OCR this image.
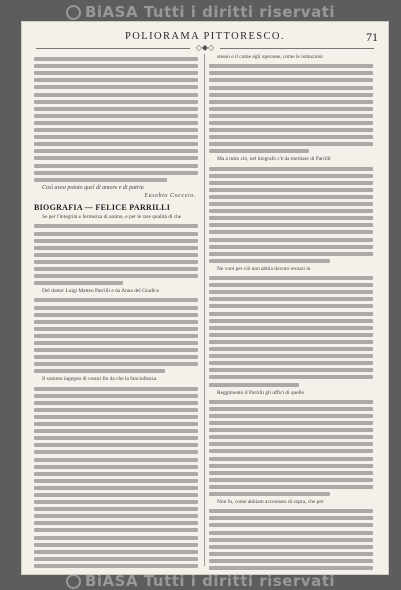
BiASA Tutti i diritti riservati
POLIORAMA PITTORESCO.	71
◇◆◇
Così avea potuto quel di amore e di patria
Eusebio Cocceio.
BIOGRAFIA — FELICE PARRILLI

Se per l'integrità e fermezza di animo, e per le rare qualità di che

Del dottor Luigi Matteo Parrilli e da Anna del Giudice

Il sommo ingegno di costui fin da che la fanciullezza

stesso e il come egli operasse, come le istituzioni

Ma a tutto ciò, nel biografo c'è da meritare di Parrilli

Ne vuol per ciò non abbia dovuto recarsi in

Reggimento il Parrilli gli uffici di quelle

Non fu, come abbiam accennato di sopra, che per

BiASA Tutti i diritti riservati
